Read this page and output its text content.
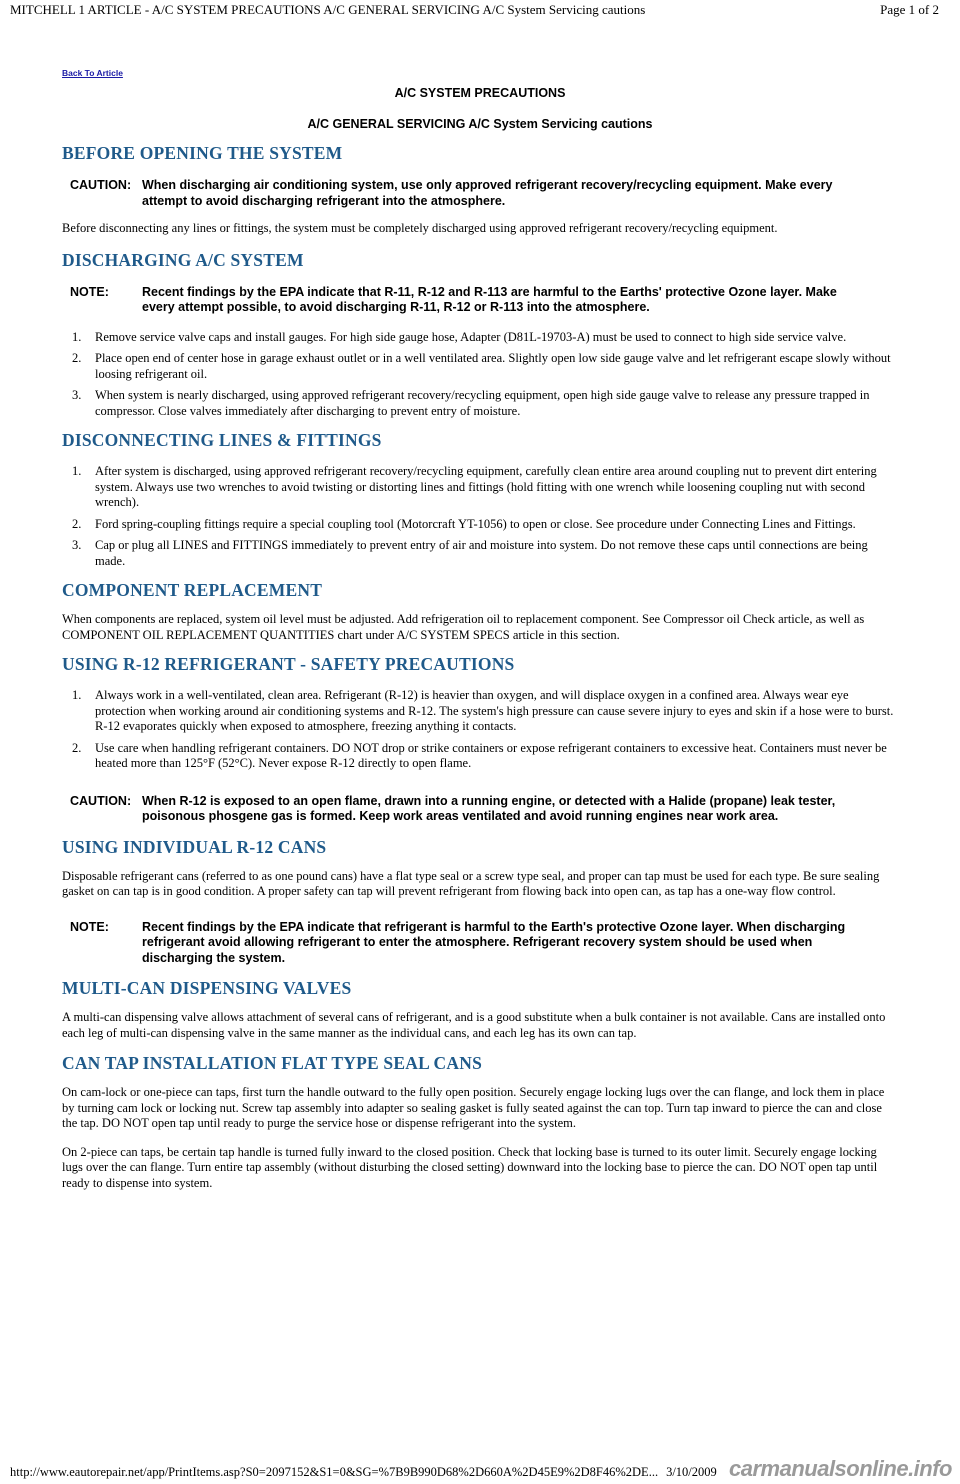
MITCHELL 1 ARTICLE - A/C SYSTEM PRECAUTIONS A/C GENERAL SERVICING A/C System Servicing cautions	Page 1 of 2
Back To Article
A/C SYSTEM PRECAUTIONS
A/C GENERAL SERVICING A/C System Servicing cautions
BEFORE OPENING THE SYSTEM
CAUTION: When discharging air conditioning system, use only approved refrigerant recovery/recycling equipment. Make every attempt to avoid discharging refrigerant into the atmosphere.

Before disconnecting any lines or fittings, the system must be completely discharged using approved refrigerant recovery/recycling equipment.

DISCHARGING A/C SYSTEM
NOTE:	Recent findings by the EPA indicate that R-11, R-12 and R-113 are harmful to the Earths' protective Ozone layer. Make every attempt possible, to avoid discharging R-11, R-12 or R-113 into the atmosphere.
1.	Remove service valve caps and install gauges. For high side gauge hose, Adapter (D81L-19703-A) must be used to connect to high side service valve.
2.	Place open end of center hose in garage exhaust outlet or in a well ventilated area. Slightly open low side gauge valve and let refrigerant escape slowly without loosing refrigerant oil.
3.	When system is nearly discharged, using approved refrigerant recovery/recycling equipment, open high side gauge valve to release any pressure trapped in compressor. Close valves immediately after discharging to prevent entry of moisture.
DISCONNECTING LINES & FITTINGS
1.	After system is discharged, using approved refrigerant recovery/recycling equipment, carefully clean entire area around coupling nut to prevent dirt entering system. Always use two wrenches to avoid twisting or distorting lines and fittings (hold fitting with one wrench while loosening coupling nut with second wrench).
2.	Ford spring-coupling fittings require a special coupling tool (Motorcraft YT-1056) to open or close. See procedure under Connecting Lines and Fittings.
3.	Cap or plug all LINES and FITTINGS immediately to prevent entry of air and moisture into system. Do not remove these caps until connections are being made.
COMPONENT REPLACEMENT

When components are replaced, system oil level must be adjusted. Add refrigeration oil to replacement component. See Compressor oil Check article, as well as COMPONENT OIL REPLACEMENT QUANTITIES chart under A/C SYSTEM SPECS article in this section.

USING R-12 REFRIGERANT - SAFETY PRECAUTIONS
1.	Always work in a well-ventilated, clean area. Refrigerant (R-12) is heavier than oxygen, and will displace oxygen in a confined area. Always wear eye protection when working around air conditioning systems and R-12. The system's high pressure can cause severe injury to eyes and skin if a hose were to burst. R-12 evaporates quickly when exposed to atmosphere, freezing anything it contacts.
2.	Use care when handling refrigerant containers. DO NOT drop or strike containers or expose refrigerant containers to excessive heat. Containers must never be heated more than 125°F (52°C). Never expose R-12 directly to open flame.
CAUTION: When R-12 is exposed to an open flame, drawn into a running engine, or detected with a Halide (propane) leak tester, poisonous phosgene gas is formed. Keep work areas ventilated and avoid running engines near work area.
USING INDIVIDUAL R-12 CANS

Disposable refrigerant cans (referred to as one pound cans) have a flat type seal or a screw type seal, and proper can tap must be used for each type. Be sure sealing gasket on can tap is in good condition. A proper safety can tap will prevent refrigerant from flowing back into open can, as tap has a one-way flow control.

NOTE:	Recent findings by the EPA indicate that refrigerant is harmful to the Earth's protective Ozone layer. When discharging refrigerant avoid allowing refrigerant to enter the atmosphere. Refrigerant recovery system should be used when discharging the system.
MULTI-CAN DISPENSING VALVES

A multi-can dispensing valve allows attachment of several cans of refrigerant, and is a good substitute when a bulk container is not available. Cans are installed onto each leg of multi-can dispensing valve in the same manner as the individual cans, and each leg has its own can tap.

CAN TAP INSTALLATION FLAT TYPE SEAL CANS

On cam-lock or one-piece can taps, first turn the handle outward to the fully open position. Securely engage locking lugs over the can flange, and lock them in place by turning cam lock or locking nut. Screw tap assembly into adapter so sealing gasket is fully seated against the can top. Turn tap inward to pierce the can and close the tap. DO NOT open tap until ready to purge the service hose or dispense refrigerant into the system.

On 2-piece can taps, be certain tap handle is turned fully inward to the closed position. Check that locking base is turned to its outer limit. Securely engage locking lugs over the can flange. Turn entire tap assembly (without disturbing the closed setting) downward into the locking base to pierce the can. DO NOT open tap until ready to dispense into system.

http://www.eautorepair.net/app/PrintItems.asp?S0=2097152&S1=0&SG=%7B9B990D68%2D660A%2D45E9%2D8F46%2DE... 3/10/2009 carmanualsonline.info
